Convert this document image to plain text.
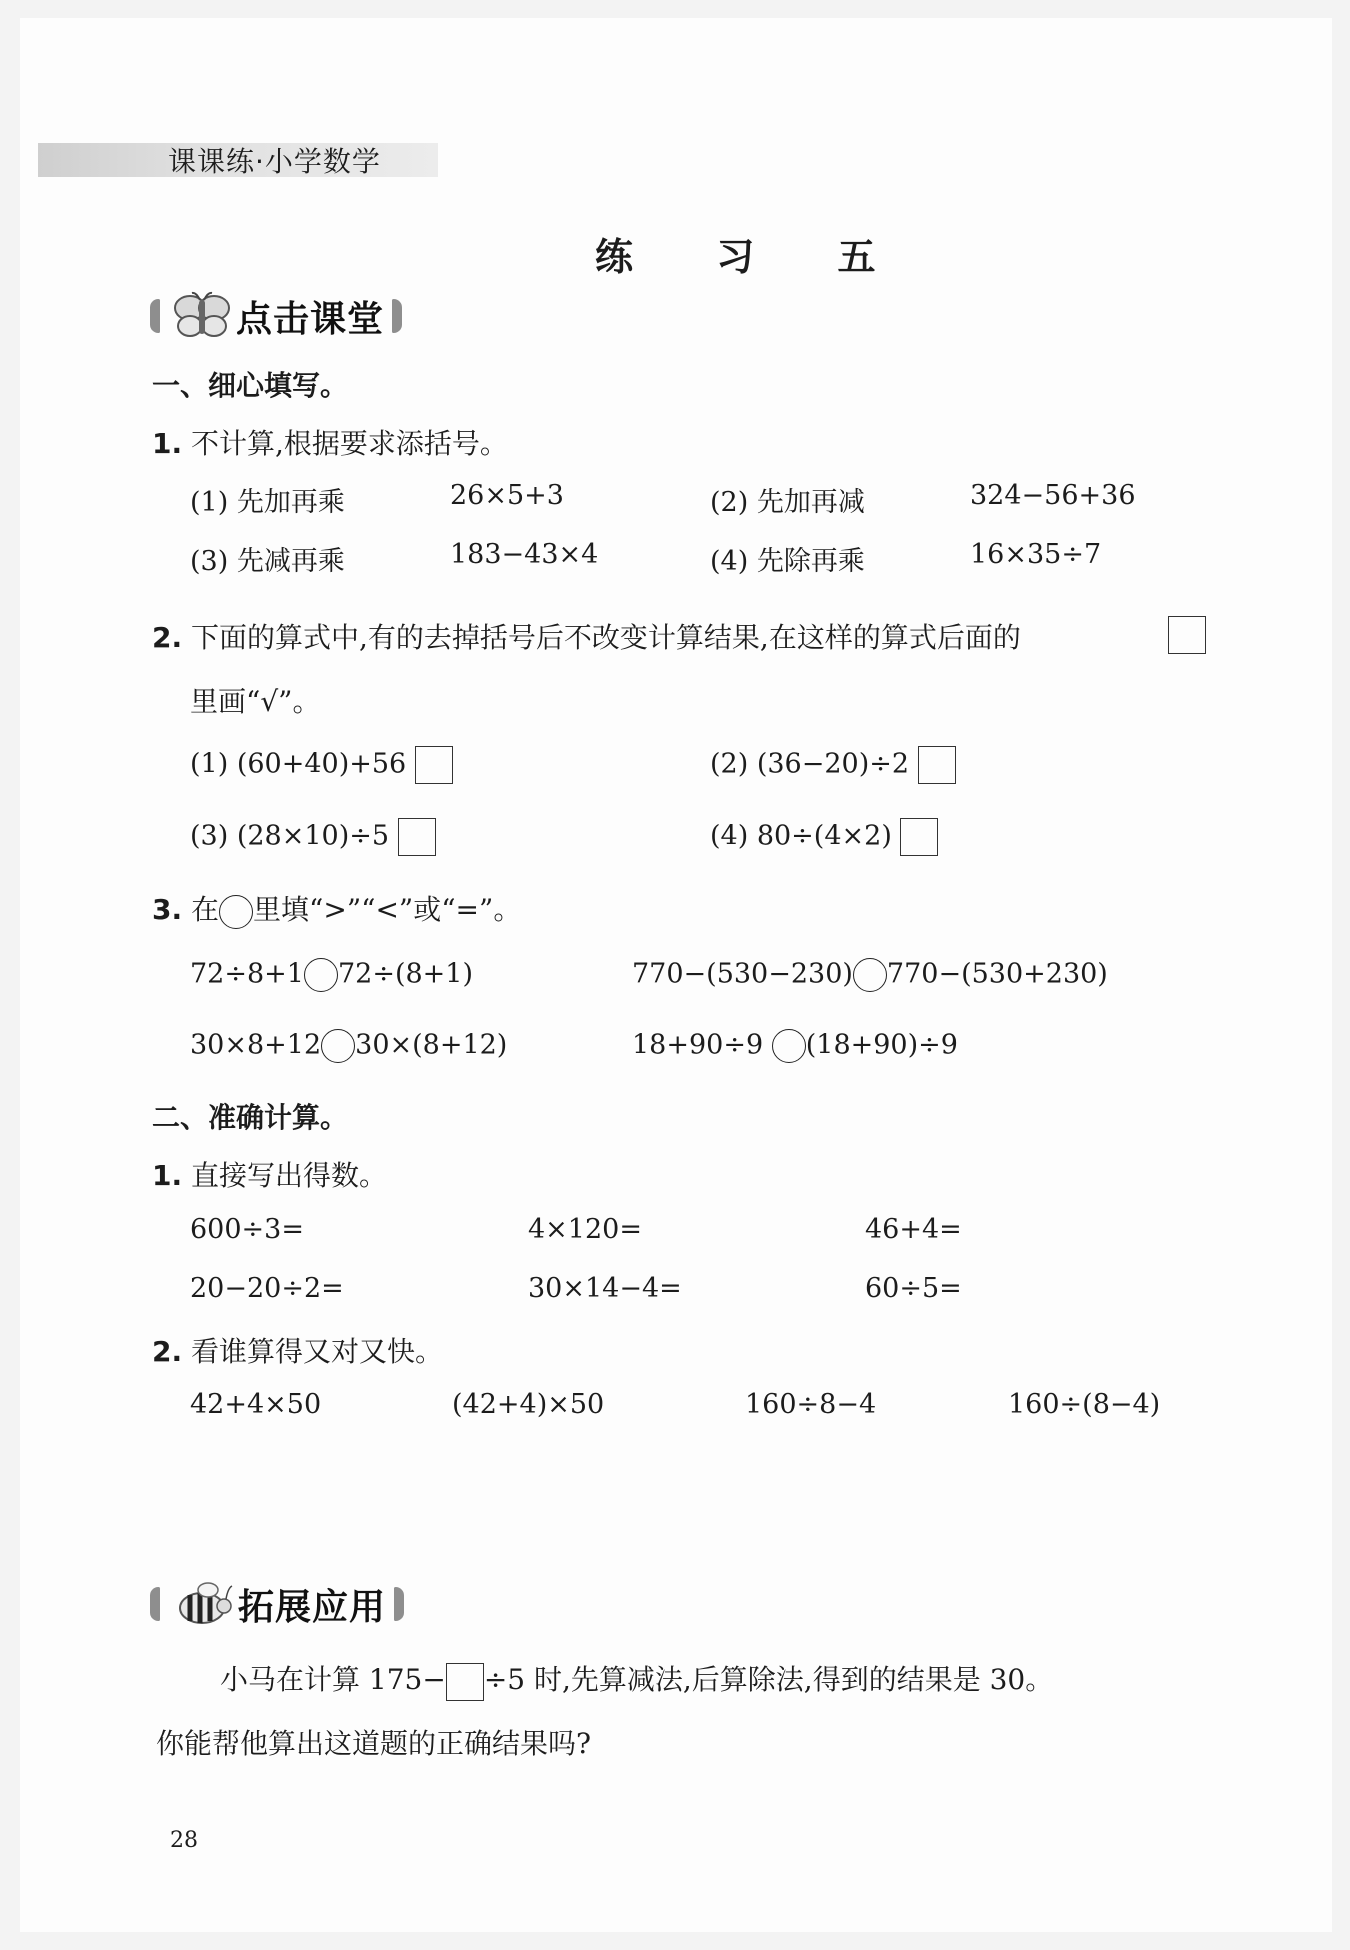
课课练·小学数学
练 习 五
点击课堂
一、细心填写。
1. 不计算,根据要求添括号。
(1) 先加再乘	26×5+3	(2) 先加再减	324−56+36
(3) 先减再乘	183−43×4	(4) 先除再乘	16×35÷7
2. 下面的算式中,有的去掉括号后不改变计算结果,在这样的算式后面的
里画“√”。
(1) (60+40)+56	(2) (36−20)÷2
(3) (28×10)÷5	(4) 80÷(4×2)
3. 在 里填“>”“<”或“=”。
72÷8+1 72÷(8+1)	770−(530−230) 770−(530+230)
30×8+12 30×(8+12)	18+90÷9 (18+90)÷9
二、准确计算。
1. 直接写出得数。
600÷3=	4×120=	46+4=
20−20÷2=	30×14−4=	60÷5=
2. 看谁算得又对又快。
42+4×50	(42+4)×50	160÷8−4	160÷(8−4)
拓展应用
小马在计算 175− ÷5 时,先算减法,后算除法,得到的结果是 30。
你能帮他算出这道题的正确结果吗?
28
